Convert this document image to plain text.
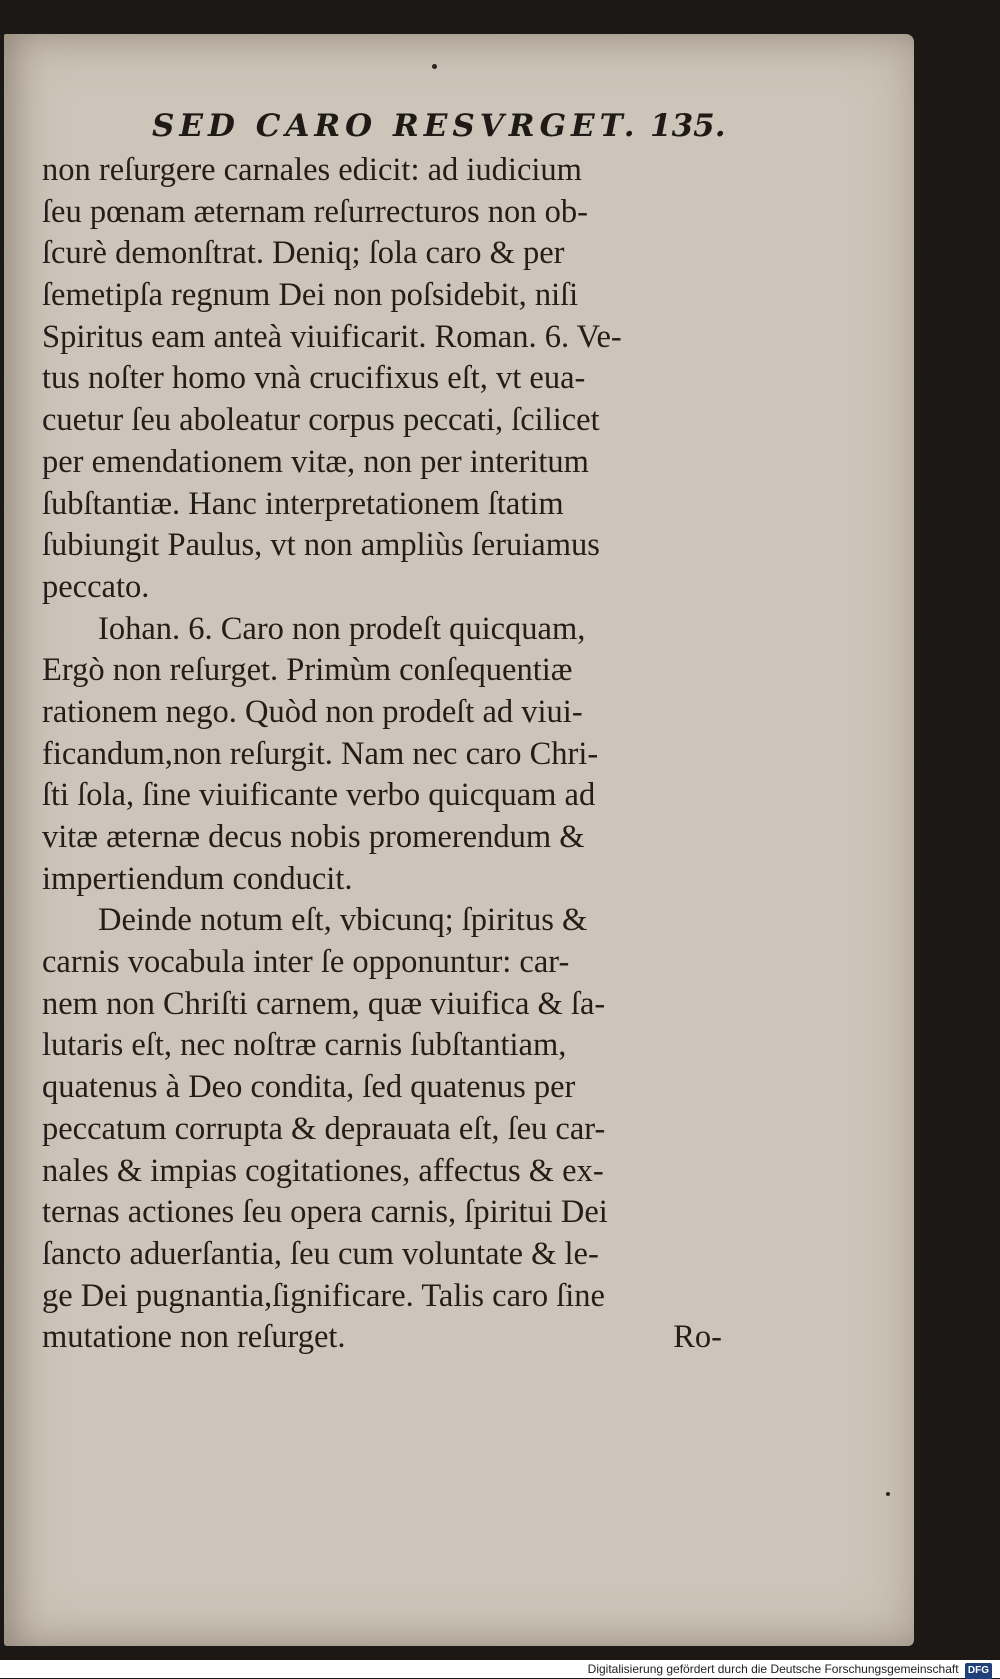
SED CARO RESVRGET. 135.
non reſurgere carnales edicit: ad iudicium
ſeu pœnam æternam reſurrecturos non ob-
ſcurè demonſtrat. Deniq; ſola caro & per
ſemetipſa regnum Dei non poſsidebit, niſi
Spiritus eam anteà viuificarit. Roman. 6. Ve-
tus noſter homo vnà crucifixus eſt, vt eua-
cuetur ſeu aboleatur corpus peccati, ſcilicet
per emendationem vitæ, non per interitum
ſubſtantiæ. Hanc interpretationem ſtatim
ſubiungit Paulus, vt non ampliùs ſeruiamus
peccato.
Iohan. 6. Caro non prodeſt quicquam,
Ergò non reſurget. Primùm conſequentiæ
rationem nego. Quòd non prodeſt ad viui-
ficandum,non reſurgit. Nam nec caro Chri-
ſti ſola, ſine viuificante verbo quicquam ad
vitæ æternæ decus nobis promerendum &
impertiendum conducit.
Deinde notum eſt, vbicunq; ſpiritus &
carnis vocabula inter ſe opponuntur: car-
nem non Chriſti carnem, quæ viuifica & ſa-
lutaris eſt, nec noſtræ carnis ſubſtantiam,
quatenus à Deo condita, ſed quatenus per
peccatum corrupta & deprauata eſt, ſeu car-
nales & impias cogitationes, affectus & ex-
ternas actiones ſeu opera carnis, ſpiritui Dei
ſancto aduerſantia, ſeu cum voluntate & le-
ge Dei pugnantia,ſignificare. Talis caro ſine
mutatione non reſurget.	Ro-
Digitalisierung gefördert durch die Deutsche Forschungsgemeinschaft DFG
